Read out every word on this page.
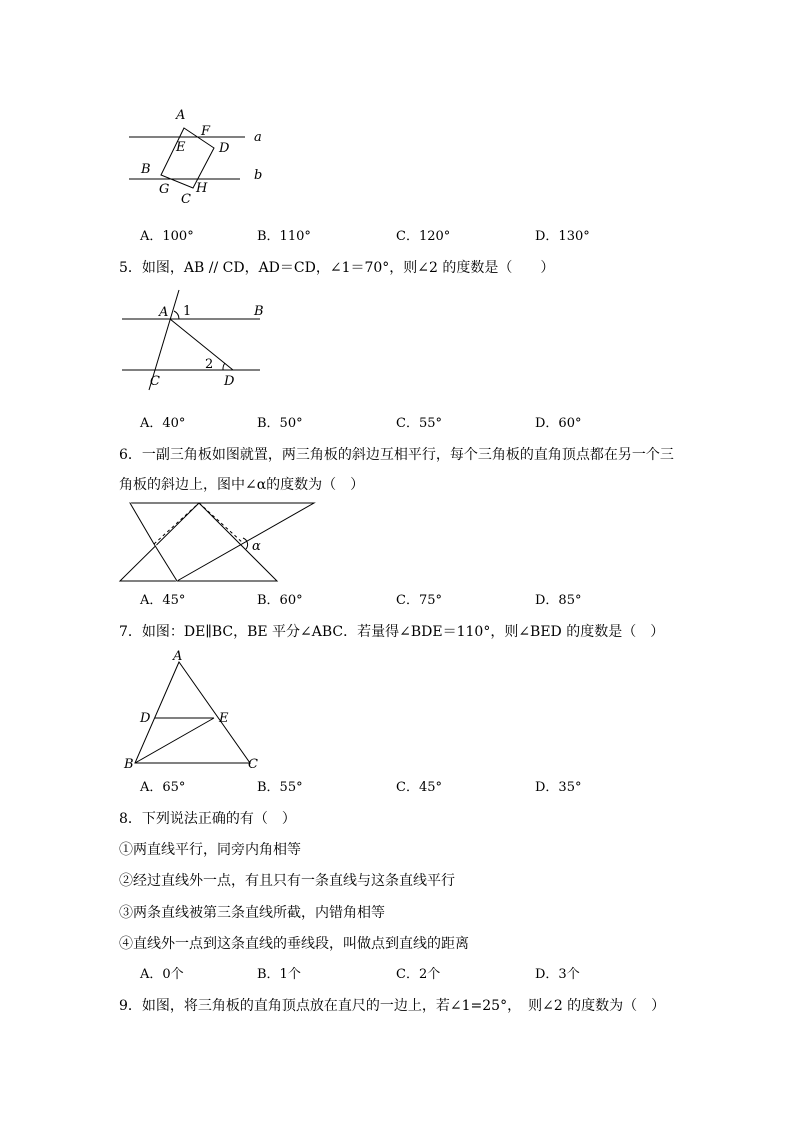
A
F	a
E	D
B	b
G H
C
A．100°	B．110°	C．120°	D．130°
5．如图，AB // CD，AD＝CD，∠1＝70°，则∠2 的度数是（　　）
A 1	B
2
C	D
A．40°	B．50°	C．55°	D．60°
6．一副三角板如图就置，两三角板的斜边互相平行，每个三角板的直角顶点都在另一个三
角板的斜边上，图中∠α的度数为（　）
α
A．45°	B．60°	C．75°	D．85°
7．如图：DE∥BC，BE 平分∠ABC．若量得∠BDE＝110°，则∠BED 的度数是（　）
A
D	E
B	C
A．65°	B．55°	C．45°	D．35°
8．下列说法正确的有（　）
①两直线平行，同旁内角相等
②经过直线外一点，有且只有一条直线与这条直线平行
③两条直线被第三条直线所截，内错角相等
④直线外一点到这条直线的垂线段，叫做点到直线的距离
A．0个	B．1个	C．2个	D．3个
9．如图，将三角板的直角顶点放在直尺的一边上，若∠1=25°，　则∠2 的度数为（　）
